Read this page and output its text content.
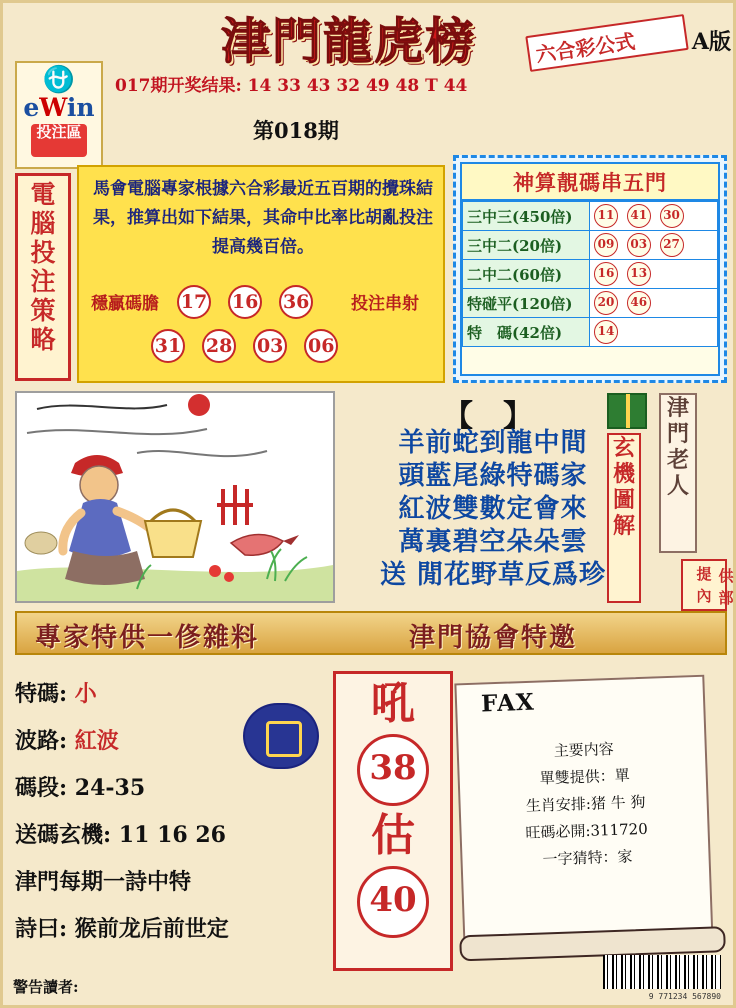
津門龍虎榜	六合彩公式	A版
017期开奖结果: 14 33 43 32 49 48 T 44
第018期
⛎
eWin
投注區
電
腦
投
注
策
略
馬會電腦專家根據六合彩最近五百期的攪珠結果，推算出如下結果，其命中比率比胡亂投注提高幾百倍。
穩贏碼膽	投注串射
17 16 36
31 28 03 06
神算靚碼串五門
三中三(450倍)	11 41 30
三中二(20倍)	09 03 27
二中二(60倍)	16 13
特碰平(120倍)	20 46
特　碼(42倍)	14
【　】
羊前蛇到龍中間
頭藍尾綠特碼家
紅波雙數定會來
萬裏碧空朵朵雲
送 閒花野草反爲珍
玄
機
圖
解
津
門
老
人
提
內
供
部
專家特供一俢雜料	津門協會特邀
特碼: 小
波路: 紅波
碼段: 24-35
送碼玄機: 11 16 26
津門每期一詩中特
詩曰: 猴前龙后前世定
吼
38
估
40
FAX
主要内容
單雙提供：單
生肖安排:猪 牛 狗
旺碼必開:311720
一字猜特：家
警告讀者:
9 771234 567890
